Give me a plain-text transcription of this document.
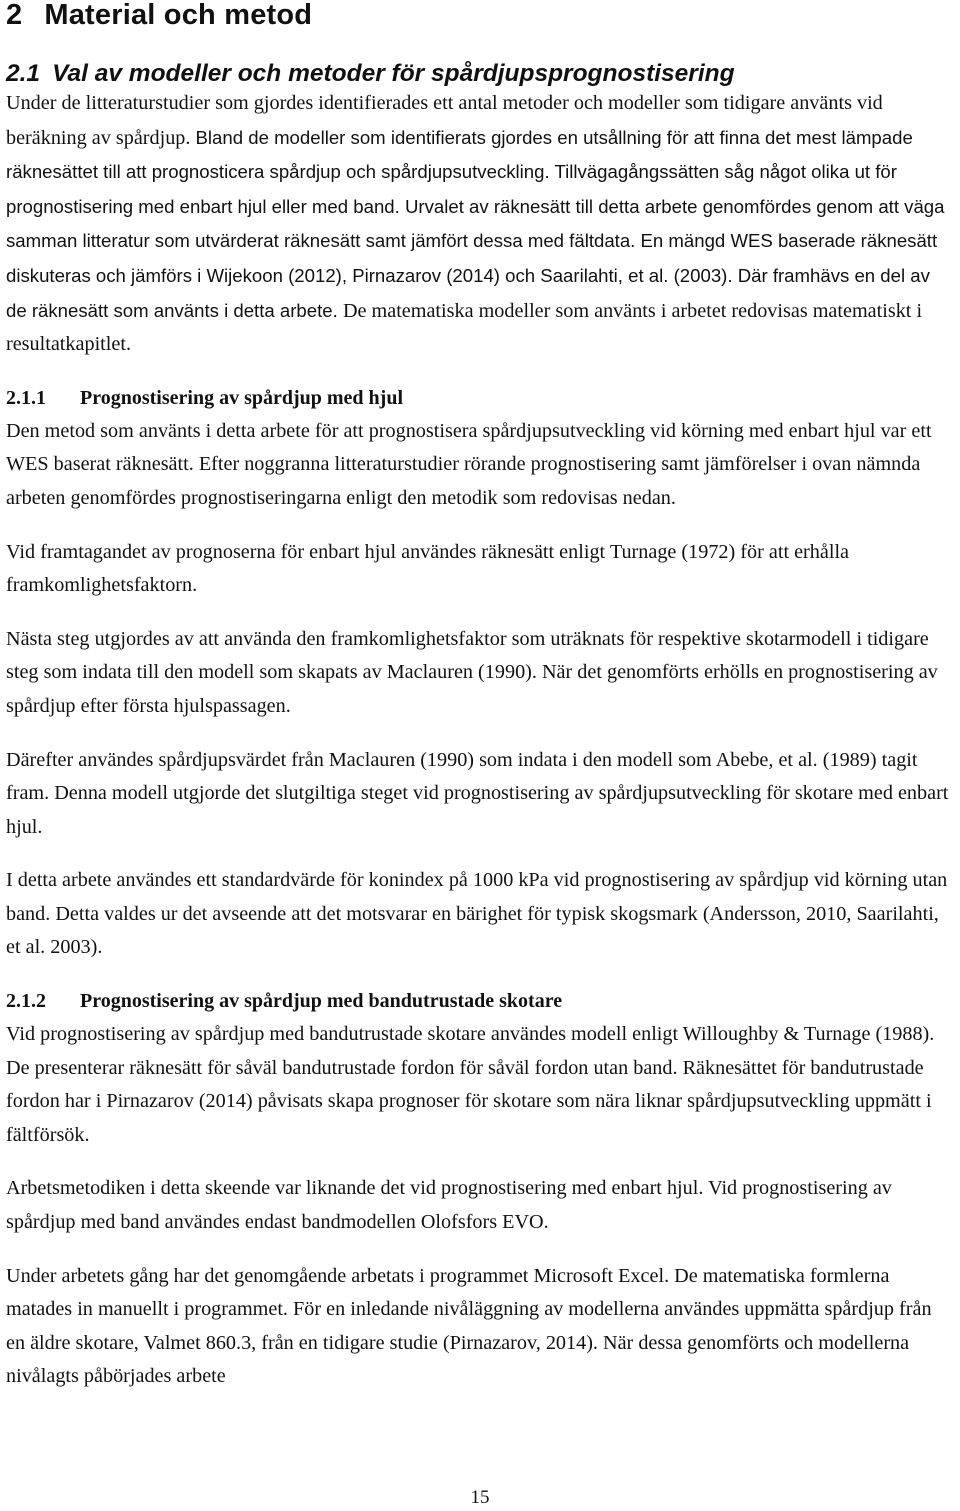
2 Material och metod
2.1 Val av modeller och metoder för spårdjupsprognostisering

Under de litteraturstudier som gjordes identifierades ett antal metoder och modeller som tidigare använts vid beräkning av spårdjup. Bland de modeller som identifierats gjordes en utsållning för att finna det mest lämpade räknesättet till att prognosticera spårdjup och spårdjupsutveckling. Tillvägagångssätten såg något olika ut för prognostisering med enbart hjul eller med band. Urvalet av räknesätt till detta arbete genomfördes genom att väga samman litteratur som utvärderat räknesätt samt jämfört dessa med fältdata. En mängd WES baserade räknesätt diskuteras och jämförs i Wijekoon (2012), Pirnazarov (2014) och Saarilahti, et al. (2003). Där framhävs en del av de räknesätt som använts i detta arbete. De matematiska modeller som använts i arbetet redovisas matematiskt i resultatkapitlet.

2.1.1 Prognostisering av spårdjup med hjul

Den metod som använts i detta arbete för att prognostisera spårdjupsutveckling vid körning med enbart hjul var ett WES baserat räknesätt. Efter noggranna litteraturstudier rörande prognostisering samt jämförelser i ovan nämnda arbeten genomfördes prognostiseringarna enligt den metodik som redovisas nedan.

Vid framtagandet av prognoserna för enbart hjul användes räknesätt enligt Turnage (1972) för att erhålla framkomlighetsfaktorn.

Nästa steg utgjordes av att använda den framkomlighetsfaktor som uträknats för respektive skotarmodell i tidigare steg som indata till den modell som skapats av Maclauren (1990). När det genomförts erhölls en prognostisering av spårdjup efter första hjulspassagen.

Därefter användes spårdjupsvärdet från Maclauren (1990) som indata i den modell som Abebe, et al. (1989) tagit fram. Denna modell utgjorde det slutgiltiga steget vid prognostisering av spårdjupsutveckling för skotare med enbart hjul.

I detta arbete användes ett standardvärde för konindex på 1000 kPa vid prognostisering av spårdjup vid körning utan band. Detta valdes ur det avseende att det motsvarar en bärighet för typisk skogsmark (Andersson, 2010, Saarilahti, et al. 2003).

2.1.2 Prognostisering av spårdjup med bandutrustade skotare

Vid prognostisering av spårdjup med bandutrustade skotare användes modell enligt Willoughby & Turnage (1988). De presenterar räknesätt för såväl bandutrustade fordon för såväl fordon utan band. Räknesättet för bandutrustade fordon har i Pirnazarov (2014) påvisats skapa prognoser för skotare som nära liknar spårdjupsutveckling uppmätt i fältförsök.

Arbetsmetodiken i detta skeende var liknande det vid prognostisering med enbart hjul. Vid prognostisering av spårdjup med band användes endast bandmodellen Olofsfors EVO.

Under arbetets gång har det genomgående arbetats i programmet Microsoft Excel. De matematiska formlerna matades in manuellt i programmet. För en inledande nivåläggning av modellerna användes uppmätta spårdjup från en äldre skotare, Valmet 860.3, från en tidigare studie (Pirnazarov, 2014). När dessa genomförts och modellerna nivålagts påbörjades arbete

15
